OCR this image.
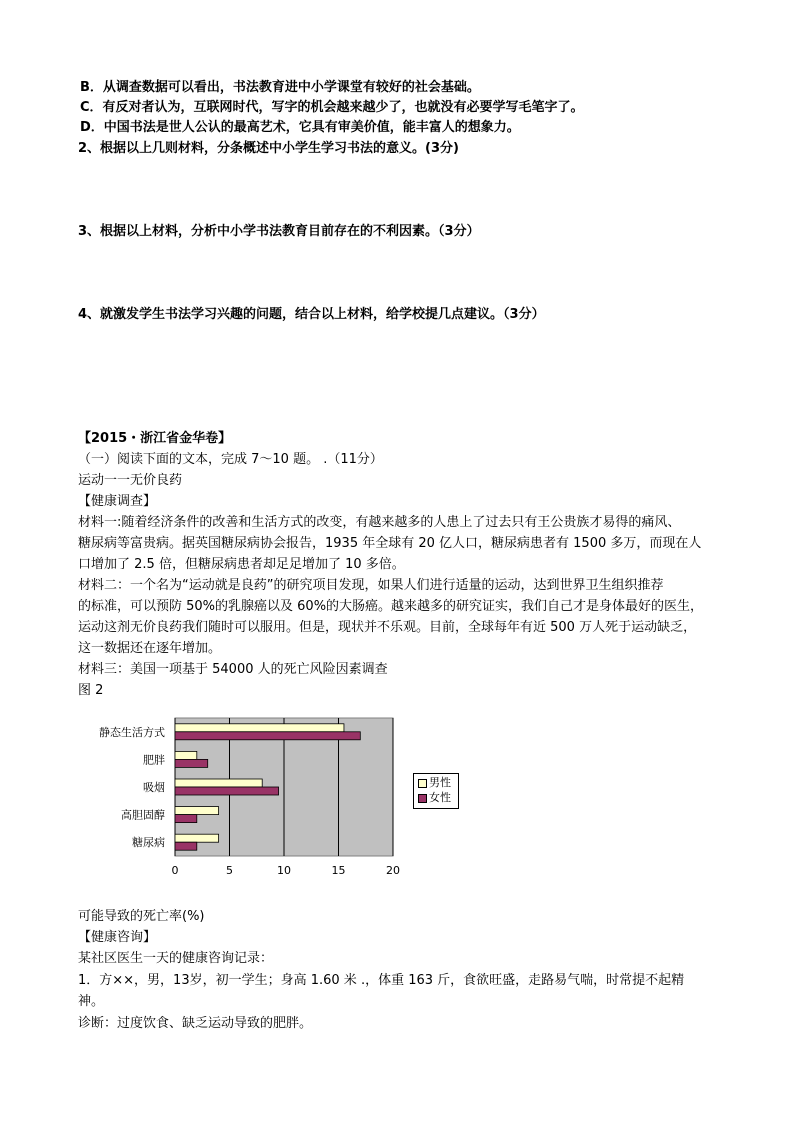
B．从调查数据可以看出，书法教育进中小学课堂有较好的社会基础。
C．有反对者认为，互联网时代，写字的机会越来越少了，也就没有必要学写毛笔字了。
D．中国书法是世人公认的最高艺术，它具有审美价值，能丰富人的想象力。
2、根据以上几则材料，分条概述中小学生学习书法的意义。(3分)
3、根据以上材料，分析中小学书法教育目前存在的不利因素。（3分）
4、就激发学生书法学习兴趣的问题，结合以上材料，给学校提几点建议。（3分）
【2015・浙江省金华卷】
（一）阅读下面的文本，完成 7～10 题。 .（11分）
运动一一无价良药
【健康调查】
材料一:随着经济条件的改善和生活方式的改变，有越来越多的人患上了过去只有王公贵族才易得的痛风、
糖尿病等富贵病。据英国糖尿病协会报告，1935 年全球有 20 亿人口，糖尿病患者有 1500 多万，而现在人
口增加了 2.5 倍，但糖尿病患者却足足增加了 10 多倍。
材料二：一个名为“运动就是良药”的研究项目发现，如果人们进行适量的运动，达到世界卫生组织推荐
的标准，可以预防 50%的乳腺癌以及 60%的大肠癌。越来越多的研究证实，我们自己才是身体最好的医生，
运动这剂无价良药我们随时可以服用。但是，现状并不乐观。目前，全球每年有近 500 万人死于运动缺乏，
这一数据还在逐年增加。
材料三：美国一项基于 54000 人的死亡风险因素调查
图 2
静态生活方式
肥胖
吸烟
高胆固醇
糖尿病
0	5	10	15	20
男性
女性
可能导致的死亡率(%)
【健康咨询】
某社区医生一天的健康咨询记录：
1．方××，男，13岁，初一学生；身高 1.60 米 .，体重 163 斤，食欲旺盛，走路易气喘，时常提不起精
神。
诊断：过度饮食、缺乏运动导致的肥胖。
